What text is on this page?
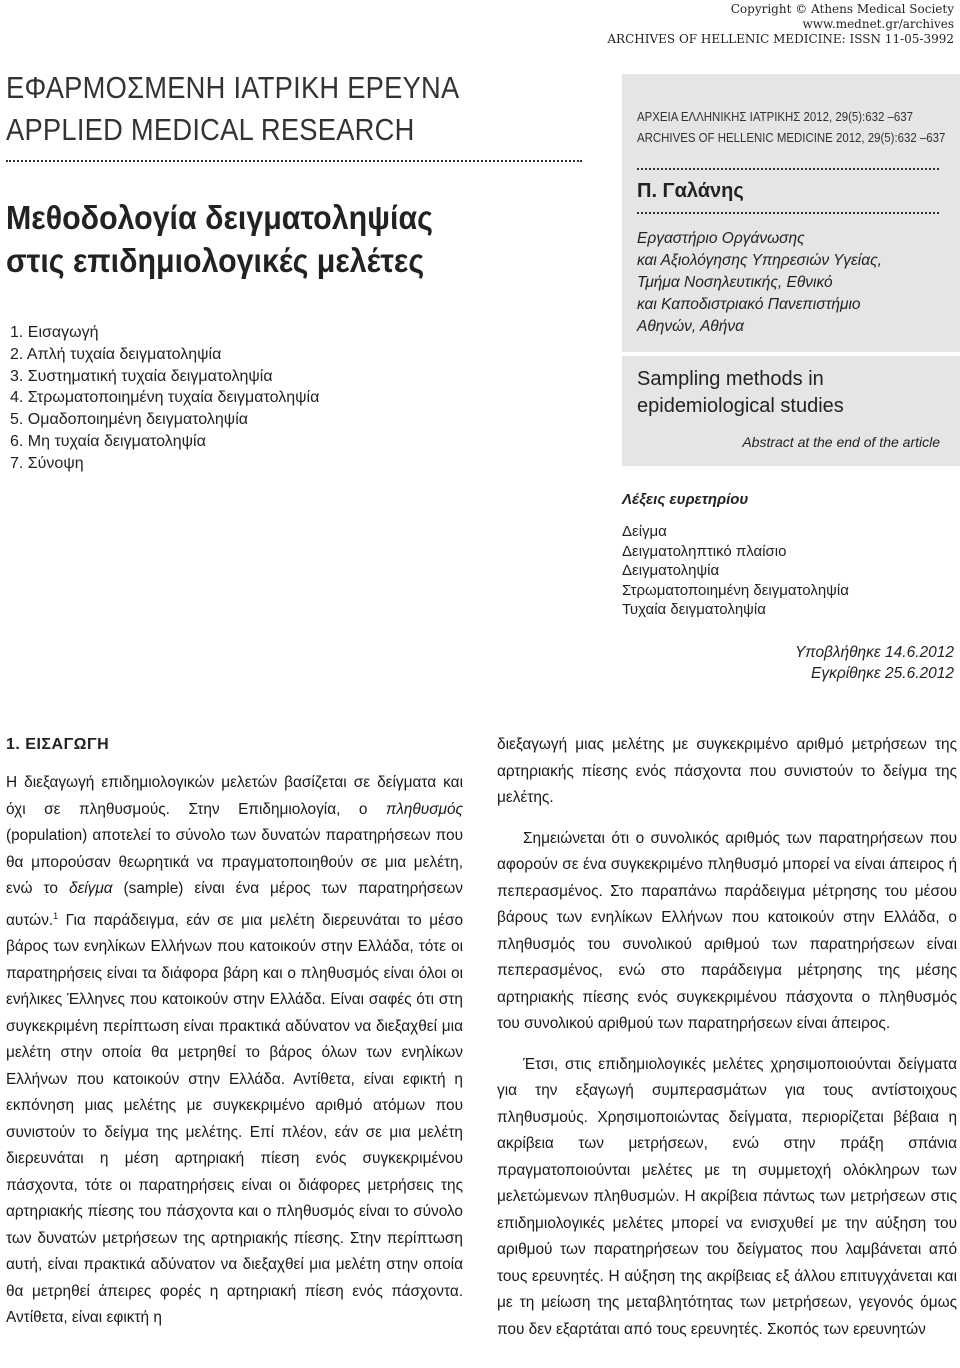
Copyright © Athens Medical Society
www.mednet.gr/archives
ARCHIVES OF HELLENIC MEDICINE: ISSN 11-05-3992
ΕΦΑΡΜΟΣΜΕΝΗ ΙΑΤΡΙΚΗ ΕΡΕΥΝΑ
APPLIED MEDICAL RESEARCH
Μεθοδολογία δειγματοληψίας
στις επιδημιολογικές μελέτες
1. Εισαγωγή
2. Απλή τυχαία δειγματοληψία
3. Συστηματική τυχαία δειγματοληψία
4. Στρωματοποιημένη τυχαία δειγματοληψία
5. Ομαδοποιημένη δειγματοληψία
6. Μη τυχαία δειγματοληψία
7. Σύνοψη
ΑΡΧΕΙΑ ΕΛΛΗΝΙΚΗΣ ΙΑΤΡΙΚΗΣ 2012, 29(5):632 –637
ARCHIVES OF HELLENIC MEDICINE 2012, 29(5):632 –637
Π. Γαλάνης
Εργαστήριο Οργάνωσης
και Αξιολόγησης Υπηρεσιών Υγείας,
Τμήμα Νοσηλευτικής, Εθνικό
και Καποδιστριακό Πανεπιστήμιο
Αθηνών, Αθήνα
Sampling methods in
epidemiological studies
Abstract at the end of the article
Λέξεις ευρετηρίου
Δείγμα
Δειγματοληπτικό πλαίσιο
Δειγματοληψία
Στρωματοποιημένη δειγματοληψία
Τυχαία δειγματοληψία
Υποβλήθηκε 14.6.2012
Εγκρίθηκε 25.6.2012
1. ΕΙΣΑΓΩΓΗ

Η διεξαγωγή επιδημιολογικών μελετών βασίζεται σε δείγματα και όχι σε πληθυσμούς. Στην Επιδημιολογία, ο πληθυσμός (population) αποτελεί το σύνολο των δυνατών παρατηρήσεων που θα μπορούσαν θεωρητικά να πραγματοποιηθούν σε μια μελέτη, ενώ το δείγμα (sample) είναι ένα μέρος των παρατηρήσεων αυτών.$^1$ Για παράδειγμα, εάν σε μια μελέτη διερευνάται το μέσο βάρος των ενηλίκων Ελλήνων που κατοικούν στην Ελλάδα, τότε οι παρατηρήσεις είναι τα διάφορα βάρη και ο πληθυσμός είναι όλοι οι ενήλικες Έλληνες που κατοικούν στην Ελλάδα. Είναι σαφές ότι στη συγκεκριμένη περίπτωση είναι πρακτικά αδύνατον να διεξαχθεί μια μελέτη στην οποία θα μετρηθεί το βάρος όλων των ενηλίκων Ελλήνων που κατοικούν στην Ελλάδα. Αντίθετα, είναι εφικτή η εκπόνηση μιας μελέτης με συγκεκριμένο αριθμό ατόμων που συνιστούν το δείγμα της μελέτης. Επί πλέον, εάν σε μια μελέτη διερευνάται η μέση αρτηριακή πίεση ενός συγκεκριμένου πάσχοντα, τότε οι παρατηρήσεις είναι οι διάφορες μετρήσεις της αρτηριακής πίεσης του πάσχοντα και ο πληθυσμός είναι το σύνολο των δυνατών μετρήσεων της αρτηριακής πίεσης. Στην περίπτωση αυτή, είναι πρακτικά αδύνατον να διεξαχθεί μια μελέτη στην οποία θα μετρηθεί άπειρες φορές η αρτηριακή πίεση ενός πάσχοντα. Αντίθετα, είναι εφικτή η

διεξαγωγή μιας μελέτης με συγκεκριμένο αριθμό μετρήσεων της αρτηριακής πίεσης ενός πάσχοντα που συνιστούν το δείγμα της μελέτης.

Σημειώνεται ότι ο συνολικός αριθμός των παρατηρήσεων που αφορούν σε ένα συγκεκριμένο πληθυσμό μπορεί να είναι άπειρος ή πεπερασμένος. Στο παραπάνω παράδειγμα μέτρησης του μέσου βάρους των ενηλίκων Ελλήνων που κατοικούν στην Ελλάδα, ο πληθυσμός του συνολικού αριθμού των παρατηρήσεων είναι πεπερασμένος, ενώ στο παράδειγμα μέτρησης της μέσης αρτηριακής πίεσης ενός συγκεκριμένου πάσχοντα ο πληθυσμός του συνολικού αριθμού των παρατηρήσεων είναι άπειρος.

Έτσι, στις επιδημιολογικές μελέτες χρησιμοποιούνται δείγματα για την εξαγωγή συμπερασμάτων για τους αντίστοιχους πληθυσμούς. Χρησιμοποιώντας δείγματα, περιορίζεται βέβαια η ακρίβεια των μετρήσεων, ενώ στην πράξη σπάνια πραγματοποιούνται μελέτες με τη συμμετοχή ολόκληρων των μελετώμενων πληθυσμών. Η ακρίβεια πάντως των μετρήσεων στις επιδημιολογικές μελέτες μπορεί να ενισχυθεί με την αύξηση του αριθμού των παρατηρήσεων του δείγματος που λαμβάνεται από τους ερευνητές. Η αύξηση της ακρίβειας εξ άλλου επιτυγχάνεται και με τη μείωση της μεταβλητότητας των μετρήσεων, γεγονός όμως που δεν εξαρτάται από τους ερευνητές. Σκοπός των ερευνητών
